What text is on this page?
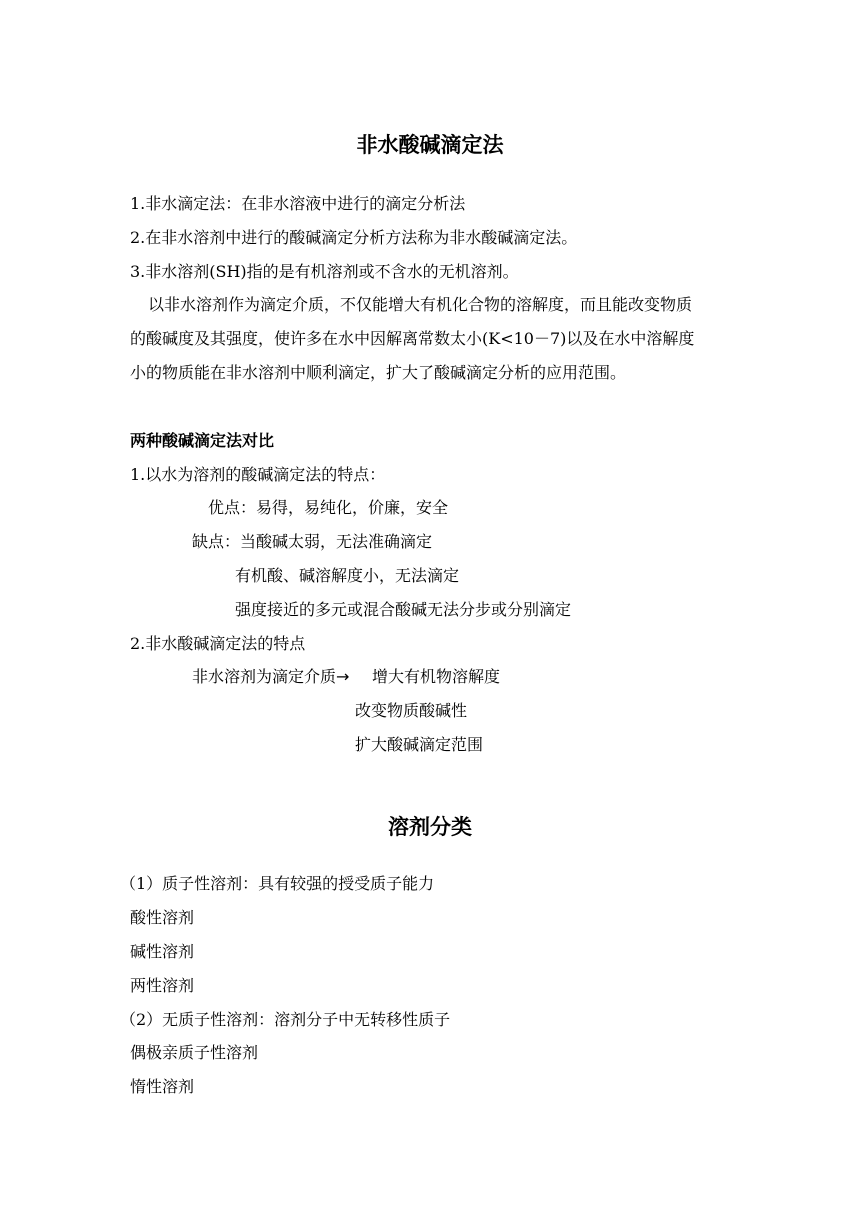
非水酸碱滴定法
1.非水滴定法：在非水溶液中进行的滴定分析法
2.在非水溶剂中进行的酸碱滴定分析方法称为非水酸碱滴定法。
3.非水溶剂(SH)指的是有机溶剂或不含水的无机溶剂。
以非水溶剂作为滴定介质，不仅能增大有机化合物的溶解度，而且能改变物质
的酸碱度及其强度，使许多在水中因解离常数太小(K<10－7)以及在水中溶解度
小的物质能在非水溶剂中顺利滴定，扩大了酸碱滴定分析的应用范围。
两种酸碱滴定法对比
1.以水为溶剂的酸碱滴定法的特点：
优点：易得，易纯化，价廉，安全
缺点：当酸碱太弱，无法准确滴定
有机酸、碱溶解度小，无法滴定
强度接近的多元或混合酸碱无法分步或分别滴定
2.非水酸碱滴定法的特点
非水溶剂为滴定介质→ 增大有机物溶解度
改变物质酸碱性
扩大酸碱滴定范围
溶剂分类
（1）质子性溶剂：具有较强的授受质子能力
酸性溶剂
碱性溶剂
两性溶剂
（2）无质子性溶剂：溶剂分子中无转移性质子
偶极亲质子性溶剂
惰性溶剂
